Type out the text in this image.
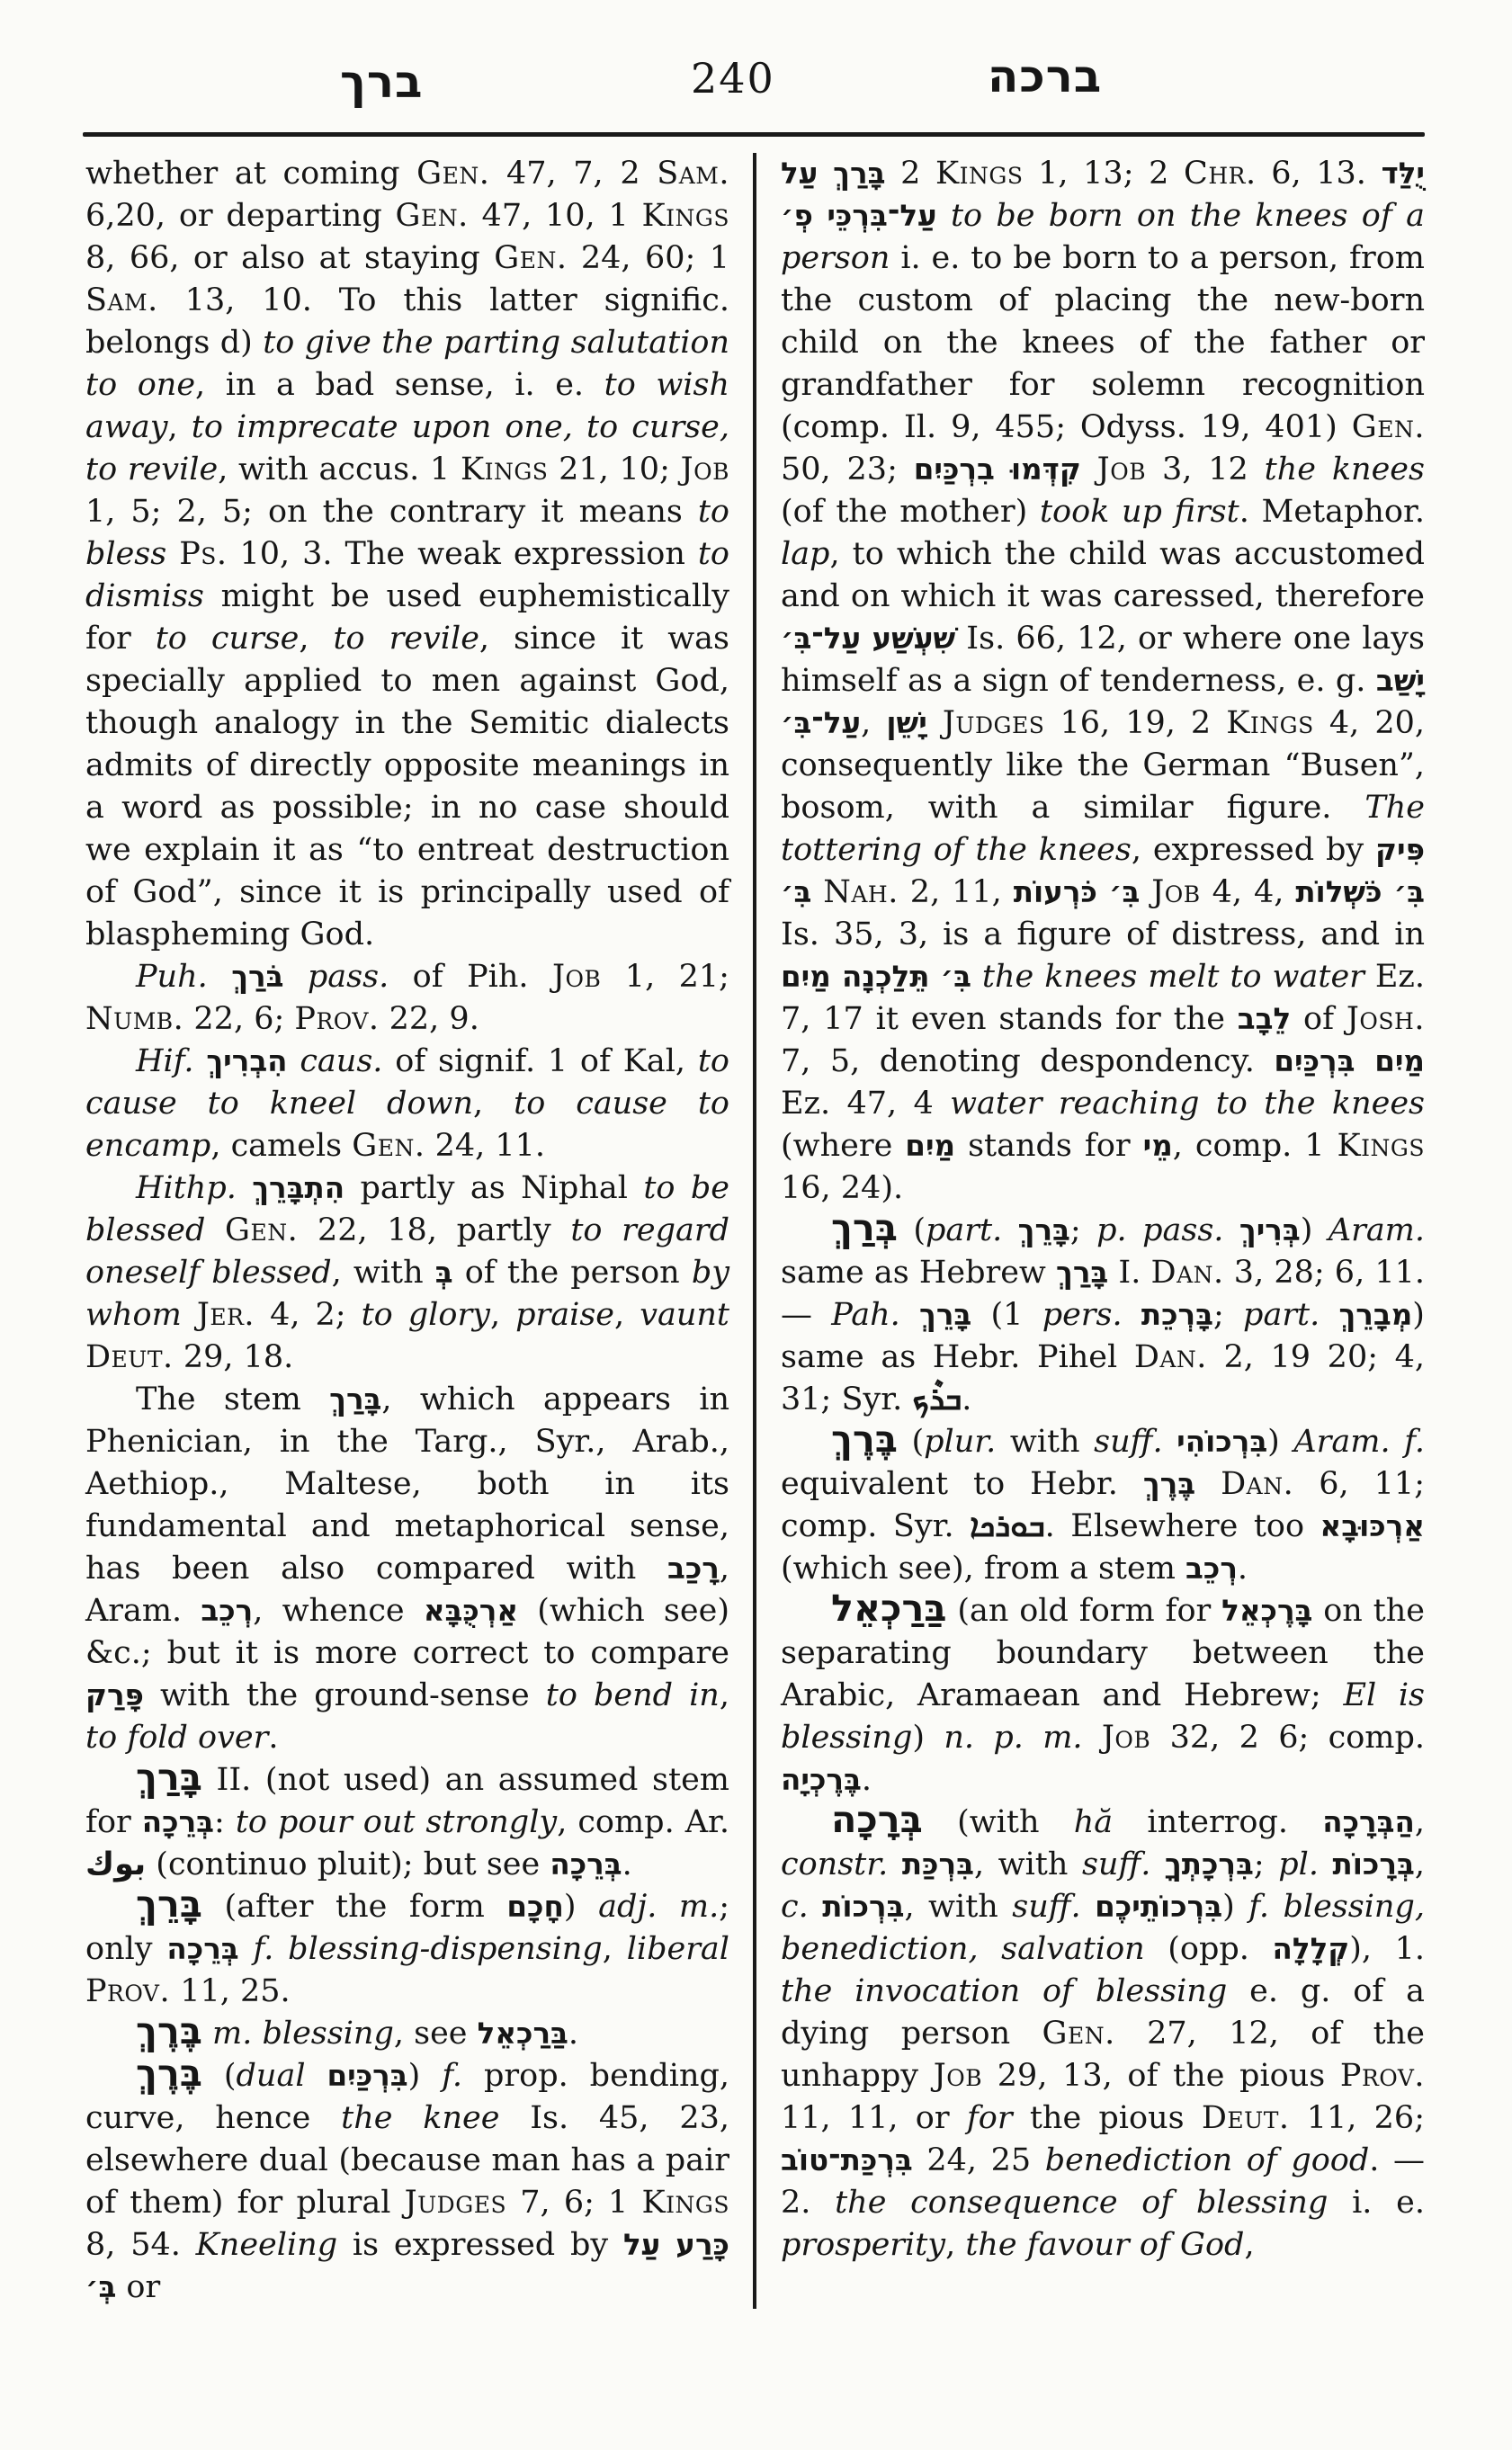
ברך	240	ברכה

whether at coming Gen. 47, 7, 2 Sam. 6,20, or departing Gen. 47, 10, 1 Kings 8, 66, or also at staying Gen. 24, 60; 1 Sam. 13, 10. To this latter signific. belongs d) to give the parting salutation to one, in a bad sense, i. e. to wish away, to imprecate upon one, to curse, to revile, with accus. 1 Kings 21, 10; Job 1, 5; 2, 5; on the contrary it means to bless Ps. 10, 3. The weak expression to dismiss might be used euphemistically for to curse, to revile, since it was specially applied to men against God, though analogy in the Semitic dialects admits of directly opposite meanings in a word as possible; in no case should we explain it as “to entreat destruction of God”, since it is principally used of blaspheming God.

Puh. בֹּרַךְ pass. of Pih. Job 1, 21; Numb. 22, 6; Prov. 22, 9.

Hif. הִבְרִיךְ caus. of signif. 1 of Kal, to cause to kneel down, to cause to encamp, camels Gen. 24, 11.

Hithp. הִתְבָּרֵךְ partly as Niphal to be blessed Gen. 22, 18, partly to regard oneself blessed, with בְּ of the person by whom Jer. 4, 2; to glory, praise, vaunt Deut. 29, 18.

The stem בָּרַךְ, which appears in Phenician, in the Targ., Syr., Arab., Aethiop., Maltese, both in its fundamental and metaphorical sense, has been also compared with רָכַב, Aram. רְכֵב, whence אַרְכֻּבָּא (which see) &c.; but it is more correct to compare פָּרַק with the ground-sense to bend in, to fold over.

בָּרַךְ II. (not used) an assumed stem for בְּרֵכָה: to pour out strongly, comp. Ar. بوك (continuo pluit); but see בְּרֵכָה.

בָּרֵךְ (after the form חָכָם) adj. m.; only בְּרֵכָה f. blessing-dispensing, liberal Prov. 11, 25.

בֶּרֶךְ m. blessing, see בַּרַכְאֵל.

בֶּרֶךְ (dual בִּרְכַּיִם) f. prop. bending, curve, hence the knee Is. 45, 23, elsewhere dual (because man has a pair of them) for plural Judges 7, 6; 1 Kings 8, 54. Kneeling is expressed by כָּרַע עַל בְּ׳ or

בָּרַךְ עַל 2 Kings 1, 13; 2 Chr. 6, 13. יֻלַּד עַל־בִּרְכֵּי פְ׳ to be born on the knees of a person i. e. to be born to a person, from the custom of placing the new-born child on the knees of the father or grandfather for solemn recognition (comp. Il. 9, 455; Odyss. 19, 401) Gen. 50, 23; קִדְּמוּ בִרְכַּיִם Job 3, 12 the knees (of the mother) took up first. Metaphor. lap, to which the child was accustomed and on which it was caressed, therefore שִׁעְשַׁע עַל־בִּ׳ Is. 66, 12, or where one lays himself as a sign of tenderness, e. g. יָשַׁב עַל־בִּ׳, יָשֵׁן Judges 16, 19, 2 Kings 4, 20, consequently like the German “Busen”, bosom, with a similar figure. The tottering of the knees, expressed by פִּיק בִּ׳ Nah. 2, 11, בִּ׳ כֹּרְעוֹת Job 4, 4, בִּ׳ כֹּשְׁלוֹת Is. 35, 3, is a figure of distress, and in בִּ׳ תֵּלַכְנָה מַיִם the knees melt to water Ez. 7, 17 it even stands for the לֵבָב of Josh. 7, 5, denoting despondency. מַיִם בִּרְכַּיִם Ez. 47, 4 water reaching to the knees (where מַיִם stands for מֵי, comp. 1 Kings 16, 24).

בְּרַךְ (part. בָּרֵךְ; p. pass. בְּרִיךְ) Aram. same as Hebrew בָּרַךְ I. Dan. 3, 28; 6, 11. — Pah. בָּרֵךְ (1 pers. בָּרְכֵת; part. מְבָרֵךְ) same as Hebr. Pihel Dan. 2, 19 20; 4, 31; Syr. ܒܪܶܟ.

בֶּרֶךְ (plur. with suff. בִּרְכוֹהִי) Aram. f. equivalent to Hebr. בֶּרֶךְ Dan. 6, 11; comp. Syr. ܒܘܪܟܐ. Elsewhere too אַרְכּוּבָא (which see), from a stem רְכֵב.

בַּרַכְאֵל (an old form for בָּרֶכְאֵל on the separating boundary between the Arabic, Aramaean and Hebrew; El is blessing) n. p. m. Job 32, 2 6; comp. בֶּרֶכְיָה.

בְּרָכָה (with hă interrog. הַבְּרָכָה, constr. בִּרְכַּת, with suff. בִּרְכָתְךָ; pl. בְּרָכוֹת, c. בִּרְכוֹת, with suff. בִּרְכוֹתֵיכֶם) f. blessing, benediction, salvation (opp. קְלָלָה), 1. the invocation of blessing e. g. of a dying person Gen. 27, 12, of the unhappy Job 29, 13, of the pious Prov. 11, 11, or for the pious Deut. 11, 26; בִּרְכַּת־טוֹב 24, 25 benediction of good. — 2. the consequence of blessing i. e. prosperity, the favour of God,
